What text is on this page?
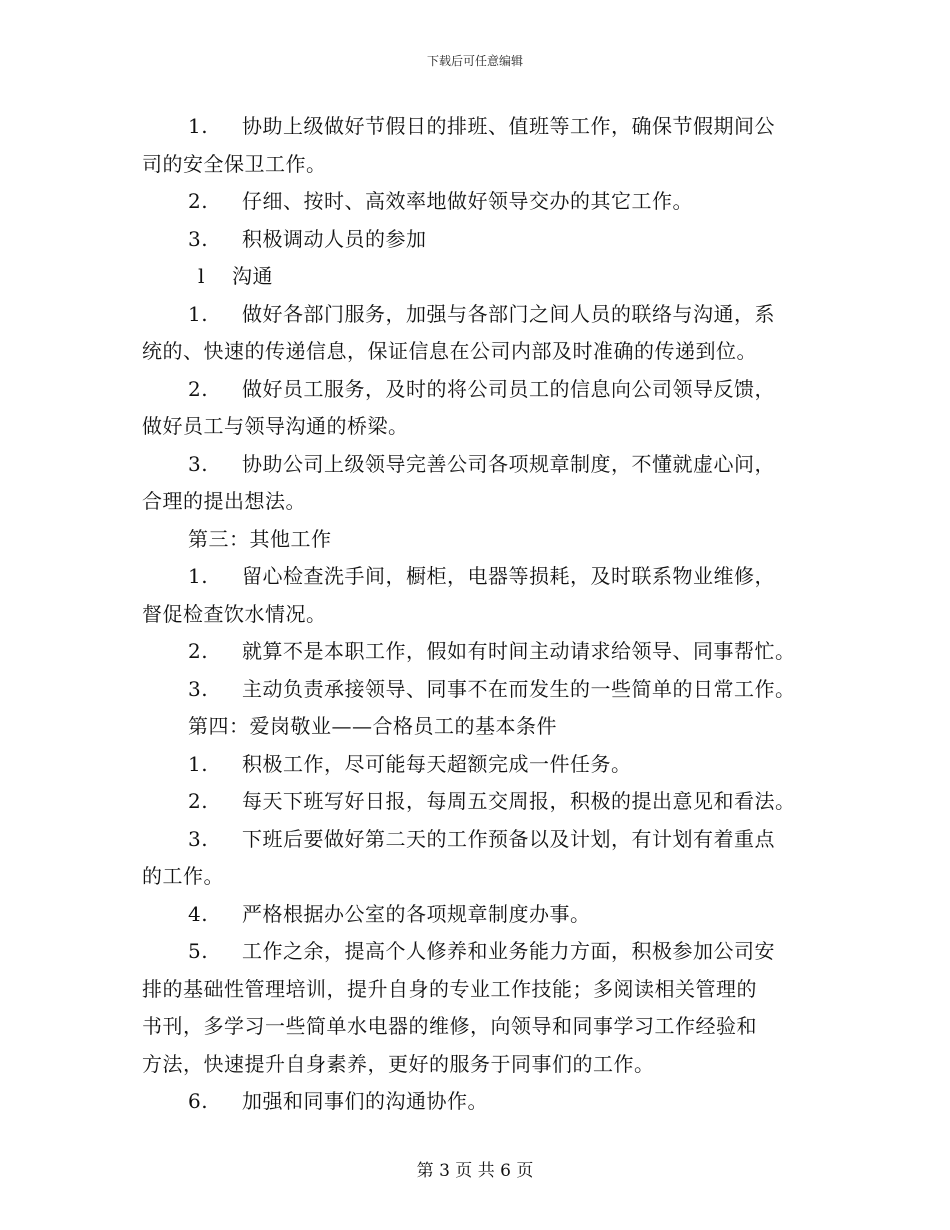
下载后可任意编辑
1. 协助上级做好节假日的排班、值班等工作，确保节假期间公
司的安全保卫工作。
2. 仔细、按时、高效率地做好领导交办的其它工作。
3. 积极调动人员的参加
l 沟通
1. 做好各部门服务，加强与各部门之间人员的联络与沟通，系
统的、快速的传递信息，保证信息在公司内部及时准确的传递到位。
2. 做好员工服务，及时的将公司员工的信息向公司领导反馈，
做好员工与领导沟通的桥梁。
3. 协助公司上级领导完善公司各项规章制度，不懂就虚心问，
合理的提出想法。
第三：其他工作
1. 留心检查洗手间，橱柜，电器等损耗，及时联系物业维修，
督促检查饮水情况。
2. 就算不是本职工作，假如有时间主动请求给领导、同事帮忙。
3. 主动负责承接领导、同事不在而发生的一些简单的日常工作。
第四：爱岗敬业——合格员工的基本条件
1. 积极工作，尽可能每天超额完成一件任务。
2. 每天下班写好日报，每周五交周报，积极的提出意见和看法。
3. 下班后要做好第二天的工作预备以及计划，有计划有着重点
的工作。
4. 严格根据办公室的各项规章制度办事。
5. 工作之余，提高个人修养和业务能力方面，积极参加公司安
排的基础性管理培训，提升自身的专业工作技能；多阅读相关管理的
书刊，多学习一些简单水电器的维修，向领导和同事学习工作经验和
方法，快速提升自身素养，更好的服务于同事们的工作。
6. 加强和同事们的沟通协作。
第 3 页 共 6 页
